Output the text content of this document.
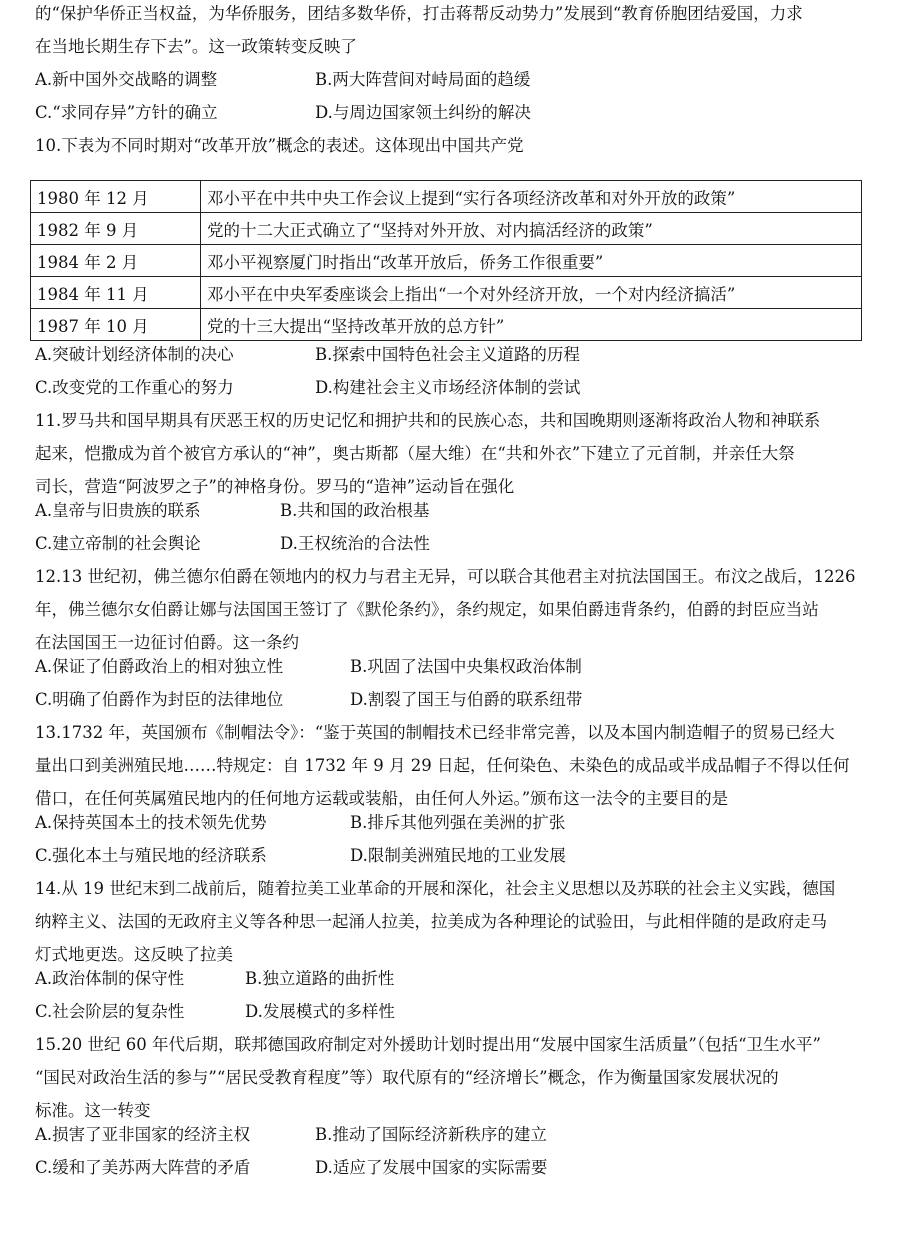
的“保护华侨正当权益，为华侨服务，团结多数华侨，打击蒋帮反动势力”发展到“教育侨胞团结爱国，力求
在当地长期生存下去”。这一政策转变反映了
A.新中国外交战略的调整	B.两大阵营间对峙局面的趋缓
C.“求同存异”方针的确立	D.与周边国家领土纠纷的解决
10.下表为不同时期对“改革开放”概念的表述。这体现出中国共产党
1980 年 12 月	邓小平在中共中央工作会议上提到“实行各项经济改革和对外开放的政策”
1982 年 9 月	党的十二大正式确立了“坚持对外开放、对内搞活经济的政策”
1984 年 2 月	邓小平视察厦门时指出“改革开放后，侨务工作很重要”
1984 年 11 月	邓小平在中央军委座谈会上指出“一个对外经济开放，一个对内经济搞活”
1987 年 10 月	党的十三大提出“坚持改革开放的总方针”
A.突破计划经济体制的决心	B.探索中国特色社会主义道路的历程
C.改变党的工作重心的努力	D.构建社会主义市场经济体制的尝试
11.罗马共和国早期具有厌恶王权的历史记忆和拥护共和的民族心态，共和国晚期则逐渐将政治人物和神联系
起来，恺撒成为首个被官方承认的“神”，奥古斯都（屋大维）在“共和外衣”下建立了元首制，并亲任大祭
司长，营造“阿波罗之子”的神格身份。罗马的“造神”运动旨在强化
A.皇帝与旧贵族的联系	B.共和国的政治根基
C.建立帝制的社会舆论	D.王权统治的合法性
12.13 世纪初，佛兰德尔伯爵在领地内的权力与君主无异，可以联合其他君主对抗法国国王。布汶之战后，1226
年，佛兰德尔女伯爵让娜与法国国王签订了《默伦条约》，条约规定，如果伯爵违背条约，伯爵的封臣应当站
在法国国王一边征讨伯爵。这一条约
A.保证了伯爵政治上的相对独立性	B.巩固了法国中央集权政治体制
C.明确了伯爵作为封臣的法律地位	D.割裂了国王与伯爵的联系纽带
13.1732 年，英国颁布《制帽法令》：“鉴于英国的制帽技术已经非常完善，以及本国内制造帽子的贸易已经大
量出口到美洲殖民地……特规定：自 1732 年 9 月 29 日起，任何染色、未染色的成品或半成品帽子不得以任何
借口，在任何英属殖民地内的任何地方运载或装船，由任何人外运。”颁布这一法令的主要目的是
A.保持英国本土的技术领先优势	B.排斥其他列强在美洲的扩张
C.强化本土与殖民地的经济联系	D.限制美洲殖民地的工业发展
14.从 19 世纪末到二战前后，随着拉美工业革命的开展和深化，社会主义思想以及苏联的社会主义实践，德国
纳粹主义、法国的无政府主义等各种思一起涌人拉美，拉美成为各种理论的试验田，与此相伴随的是政府走马
灯式地更迭。这反映了拉美
A.政治体制的保守性	B.独立道路的曲折性
C.社会阶层的复杂性	D.发展模式的多样性
15.20 世纪 60 年代后期，联邦德国政府制定对外援助计划时提出用“发展中国家生活质量”（包括“卫生水平”
“国民对政治生活的参与”“居民受教育程度”等）取代原有的“经济增长”概念，作为衡量国家发展状况的
标准。这一转变
A.损害了亚非国家的经济主权	B.推动了国际经济新秩序的建立
C.缓和了美苏两大阵营的矛盾	D.适应了发展中国家的实际需要
